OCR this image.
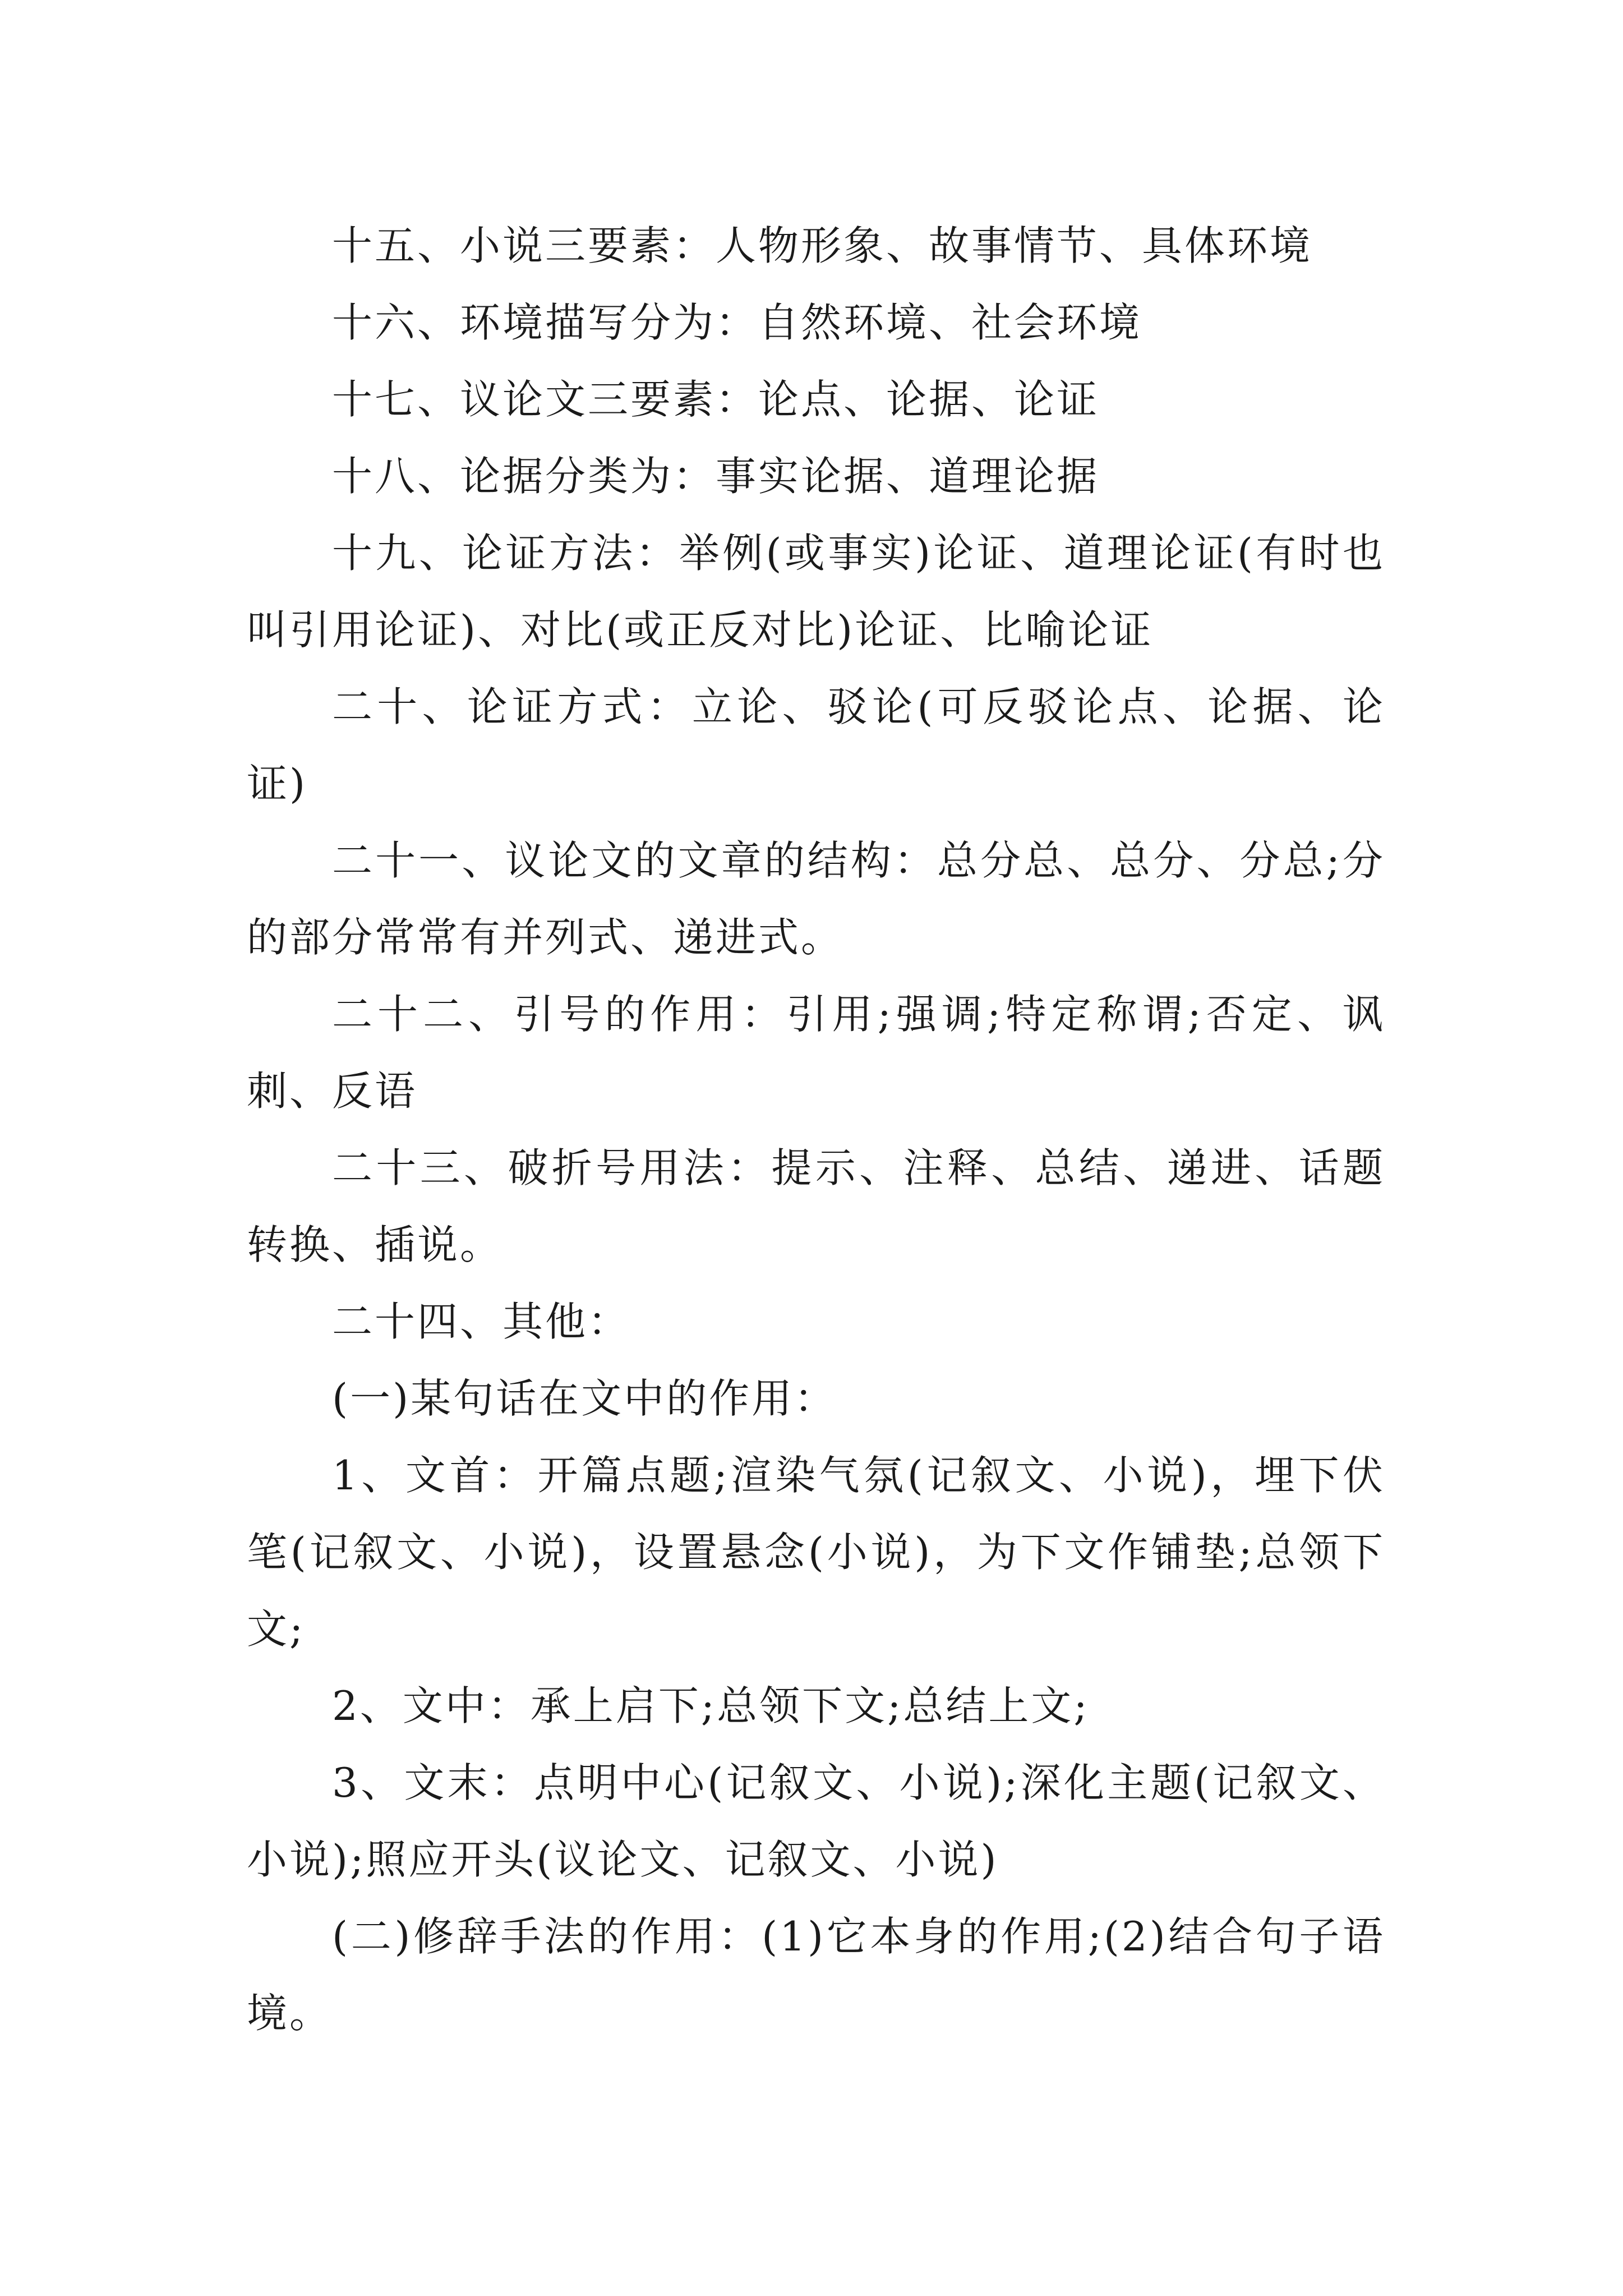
十五、小说三要素：人物形象、故事情节、具体环境

十六、环境描写分为：自然环境、社会环境

十七、议论文三要素：论点、论据、论证

十八、论据分类为：事实论据、道理论据

十九、论证方法：举例(或事实)论证、道理论证(有时也叫引用论证)、对比(或正反对比)论证、比喻论证

二十、论证方式：立论、驳论(可反驳论点、论据、论证)

二十一、议论文的文章的结构：总分总、总分、分总;分的部分常常有并列式、递进式。

二十二、引号的作用：引用;强调;特定称谓;否定、讽刺、反语

二十三、破折号用法：提示、注释、总结、递进、话题转换、插说。

二十四、其他：

(一)某句话在文中的作用：

1、文首：开篇点题;渲染气氛(记叙文、小说)，埋下伏笔(记叙文、小说)，设置悬念(小说)，为下文作铺垫;总领下文;

2、文中：承上启下;总领下文;总结上文;

3、文末：点明中心(记叙文、小说);深化主题(记叙文、小说);照应开头(议论文、记叙文、小说)

(二)修辞手法的作用：(1)它本身的作用;(2)结合句子语境。
